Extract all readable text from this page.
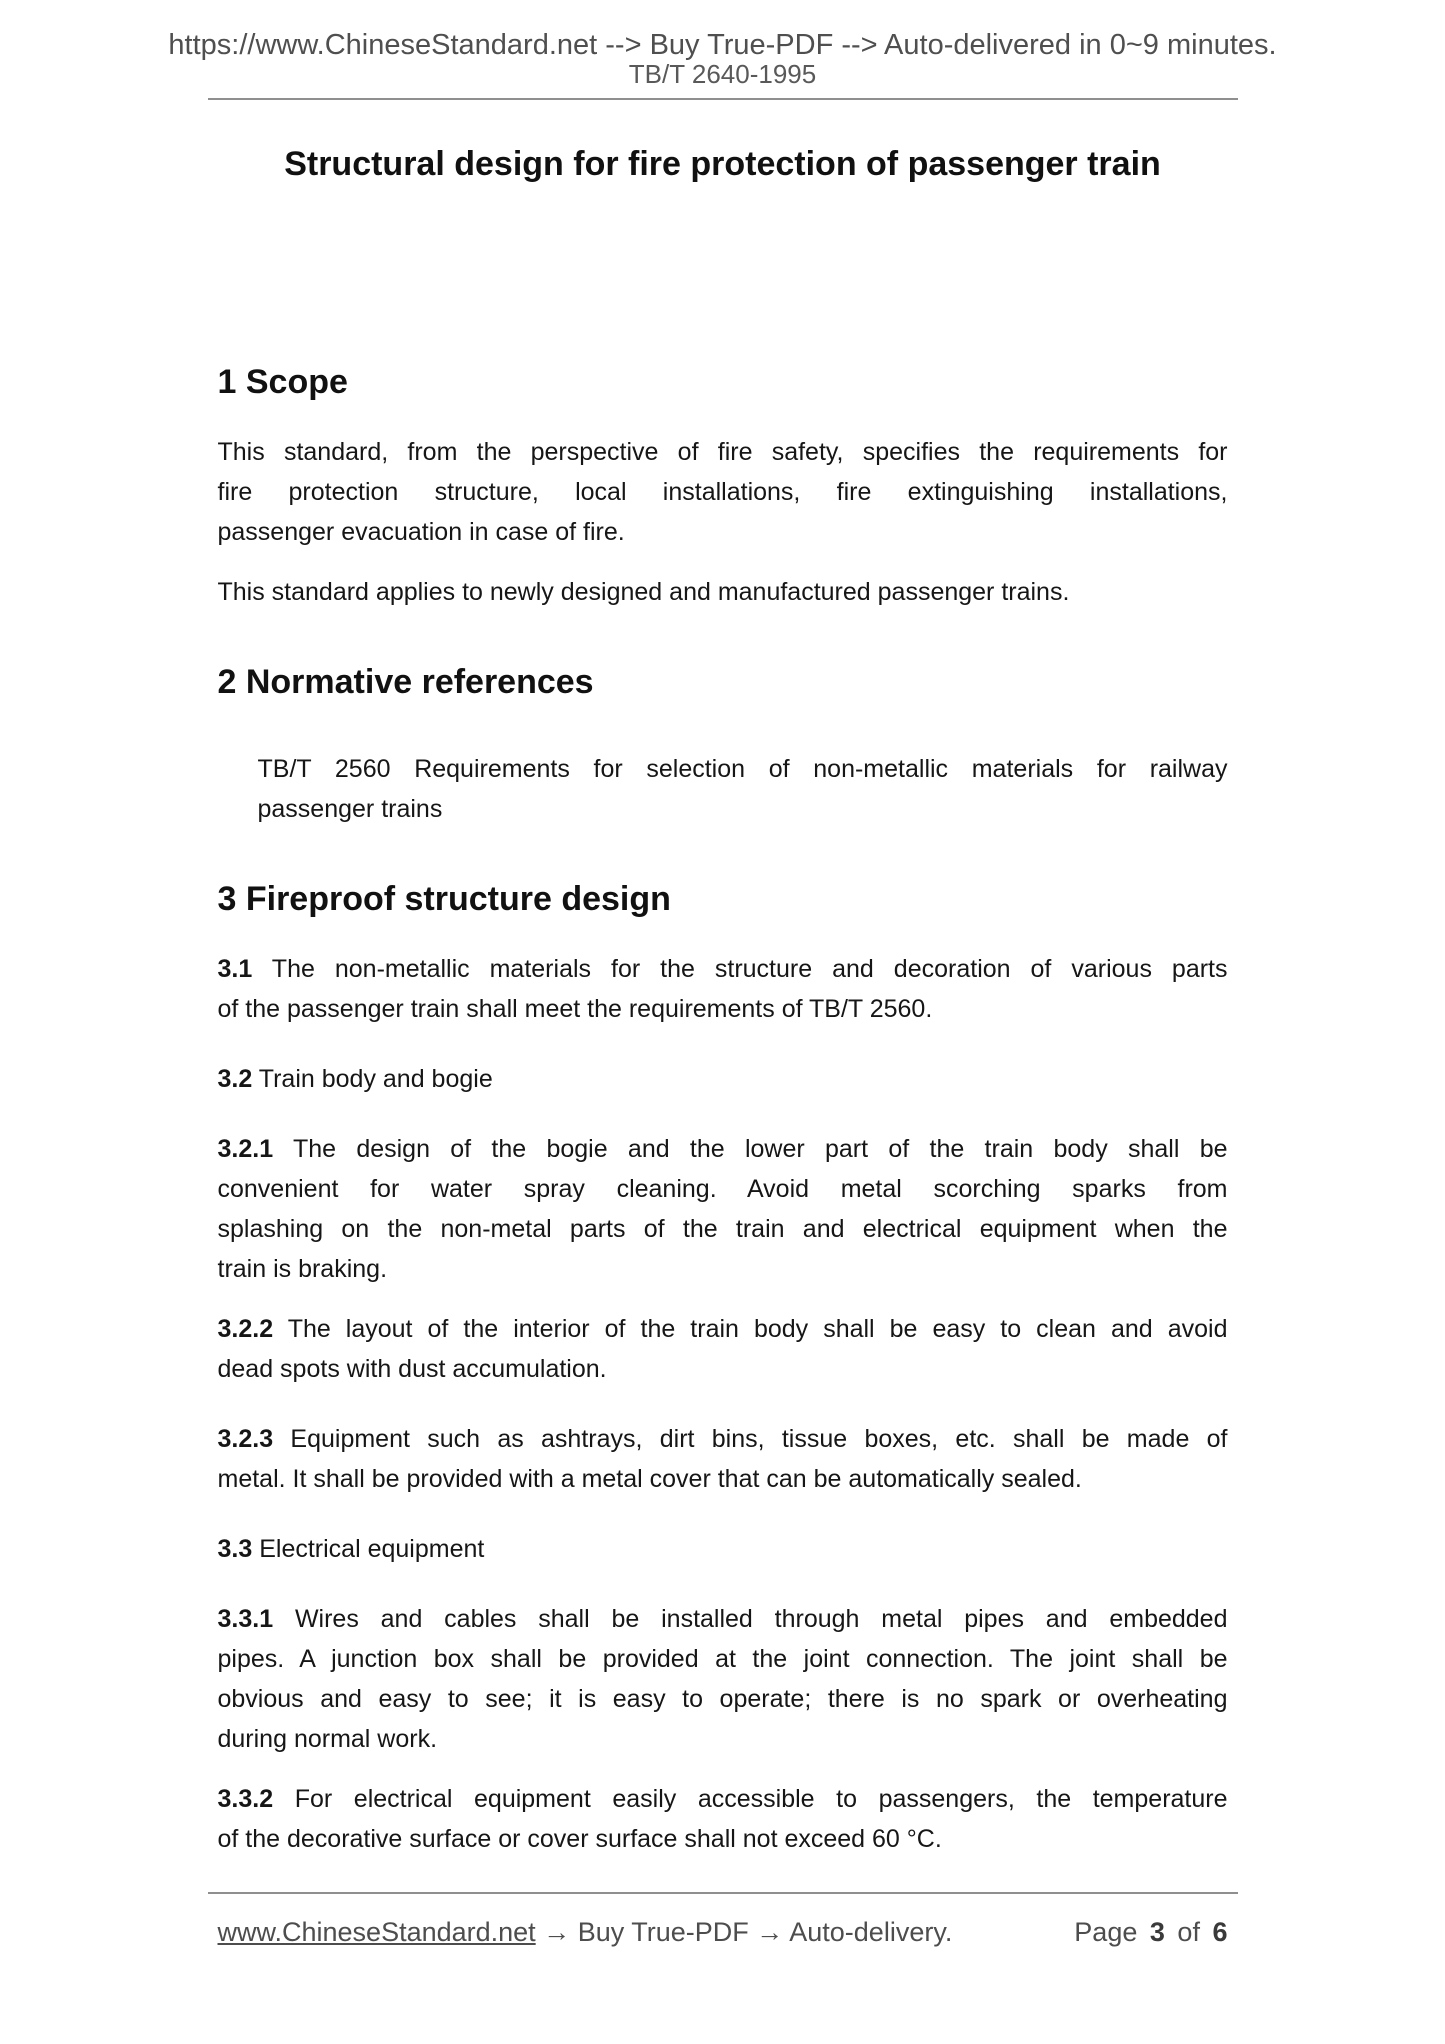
https://www.ChineseStandard.net --> Buy True-PDF --> Auto-delivered in 0~9 minutes.
TB/T 2640-1995
Structural design for fire protection of passenger train
1 Scope
This standard, from the perspective of fire safety, specifies the requirements for
fire protection structure, local installations, fire extinguishing installations,
passenger evacuation in case of fire.
This standard applies to newly designed and manufactured passenger trains.
2 Normative references
TB/T 2560 Requirements for selection of non-metallic materials for railway
passenger trains
3 Fireproof structure design
3.1 The non-metallic materials for the structure and decoration of various parts
of the passenger train shall meet the requirements of TB/T 2560.
3.2 Train body and bogie
3.2.1 The design of the bogie and the lower part of the train body shall be
convenient for water spray cleaning. Avoid metal scorching sparks from
splashing on the non-metal parts of the train and electrical equipment when the
train is braking.
3.2.2 The layout of the interior of the train body shall be easy to clean and avoid
dead spots with dust accumulation.
3.2.3 Equipment such as ashtrays, dirt bins, tissue boxes, etc. shall be made of
metal. It shall be provided with a metal cover that can be automatically sealed.
3.3 Electrical equipment
3.3.1 Wires and cables shall be installed through metal pipes and embedded
pipes. A junction box shall be provided at the joint connection. The joint shall be
obvious and easy to see; it is easy to operate; there is no spark or overheating
during normal work.
3.3.2 For electrical equipment easily accessible to passengers, the temperature
of the decorative surface or cover surface shall not exceed 60 °C.
www.ChineseStandard.net → Buy True-PDF → Auto-delivery.	Page 3 of 6
